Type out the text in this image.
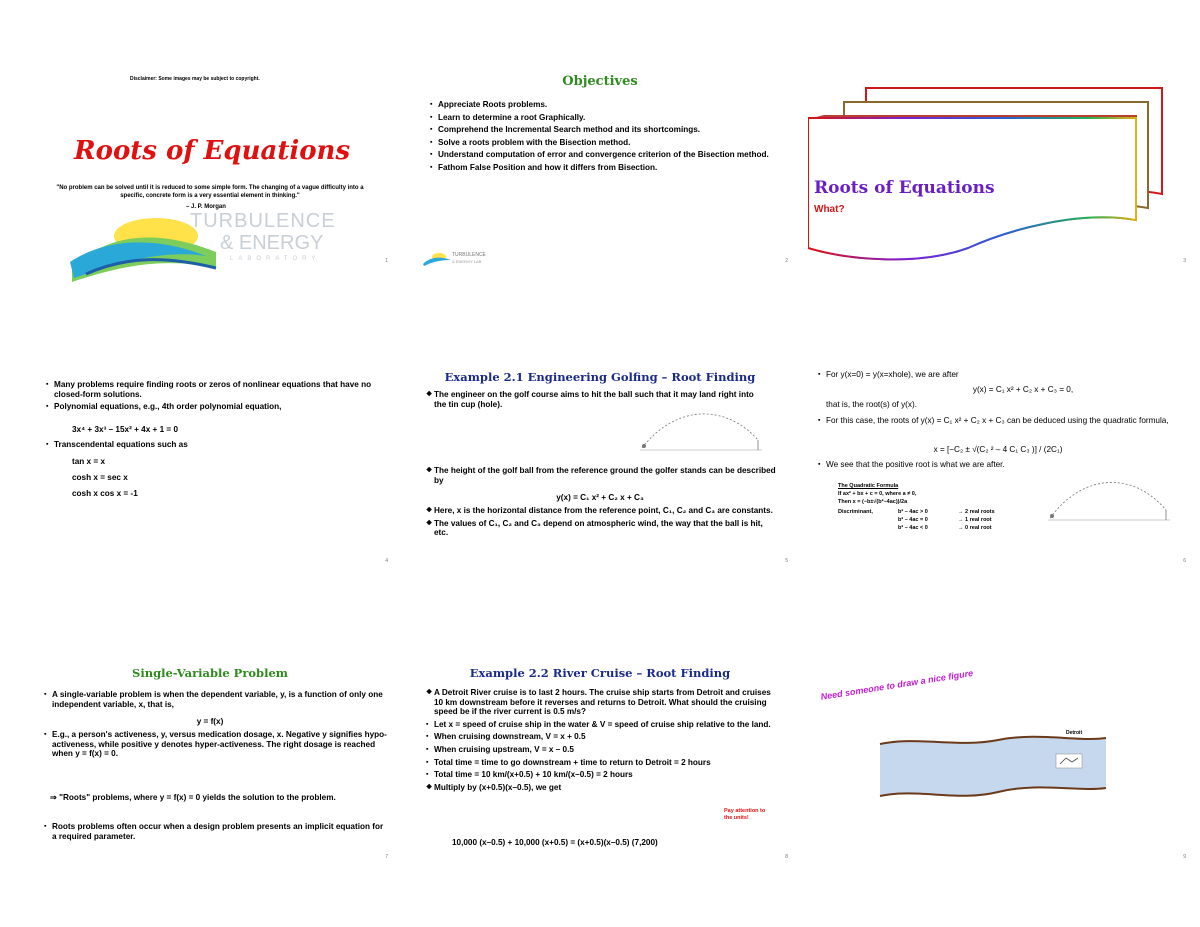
Disclaimer: Some images may be subject to copyright.
Roots of Equations
"No problem can be solved until it is reduced to some simple form. The changing of a vague difficulty into a specific, concrete form is a very essential element in thinking."
– J. P. Morgan
TURBULENCE
& ENERGY
LABORATORY	1
Objectives
▪ Appreciate Roots problems.
▪ Learn to determine a root Graphically.
▪ Comprehend the Incremental Search method and its shortcomings.
▪ Solve a roots problem with the Bisection method.
▪ Understand computation of error and convergence criterion of the Bisection method.
▪ Fathom False Position and how it differs from Bisection.
TURBULENCE
& ENERGY LAB	2
Roots of Equations
What?
3
▪ Many problems require finding roots or zeros of nonlinear equations that have no closed-form solutions.
▪ Polynomial equations, e.g., 4th order polynomial equation,
3x⁴ + 3x³ – 15x² + 4x + 1 = 0
▪ Transcendental equations such as
tan x = x
cosh x = sec x
cosh x cos x = -1
4
Example 2.1 Engineering Golfing – Root Finding
❖ The engineer on the golf course aims to hit the ball such that it may land right into the tin cup (hole).
❖ The height of the golf ball from the reference ground the golfer stands can be described by
y(x) = C₁ x² + C₂ x + C₃
❖ Here, x is the horizontal distance from the reference point, C₁, C₂ and C₃ are constants.
❖ The values of C₁, C₂ and C₃ depend on atmospheric wind, the way that the ball is hit, etc.
5
▪ For y(x=0) = y(x=xhole), we are after
y(x) = C₁ x² + C₂ x + C₃ = 0,
that is, the root(s) of y(x).
▪ For this case, the roots of y(x) = C₁ x² + C₂ x + C₃ can be deduced using the quadratic formula,
x = [−C₂ ± √(C₂ ² – 4 C₁ C₃ )] / (2C₁)
▪ We see that the positive root is what we are after.
The Quadratic Formula
If ax² + bx + c = 0, where a ≠ 0,
Then x = (−b±√(b²−4ac))/2a
Discriminant,	b² – 4ac > 0	→ 2 real roots
b² – 4ac = 0	→ 1 real root
b² – 4ac < 0	→ 0 real root
6
Single-Variable Problem
▪ A single-variable problem is when the dependent variable, y, is a function of only one independent variable, x, that is,
y = f(x)
▪ E.g., a person's activeness, y, versus medication dosage, x. Negative y signifies hypo-activeness, while positive y denotes hyper-activeness. The right dosage is reached when y = f(x) = 0.
⇒ "Roots" problems, where y = f(x) = 0 yields the solution to the problem.
▪ Roots problems often occur when a design problem presents an implicit equation for a required parameter.
7
Example 2.2 River Cruise – Root Finding
❖ A Detroit River cruise is to last 2 hours. The cruise ship starts from Detroit and cruises 10 km downstream before it reverses and returns to Detroit. What should the cruising speed be if the river current is 0.5 m/s?
▪ Let x = speed of cruise ship in the water & V = speed of cruise ship relative to the land.
▪ When cruising downstream, V = x + 0.5
▪ When cruising upstream, V = x – 0.5
▪ Total time = time to go downstream + time to return to Detroit = 2 hours
▪ Total time = 10 km/(x+0.5) + 10 km/(x–0.5) = 2 hours
❖ Multiply by (x+0.5)(x–0.5), we get
10,000 (x–0.5) + 10,000 (x+0.5) = (x+0.5)(x–0.5) (7,200)
Pay attention to the units!
8
Need someone to draw a nice figure
Detroit
9
